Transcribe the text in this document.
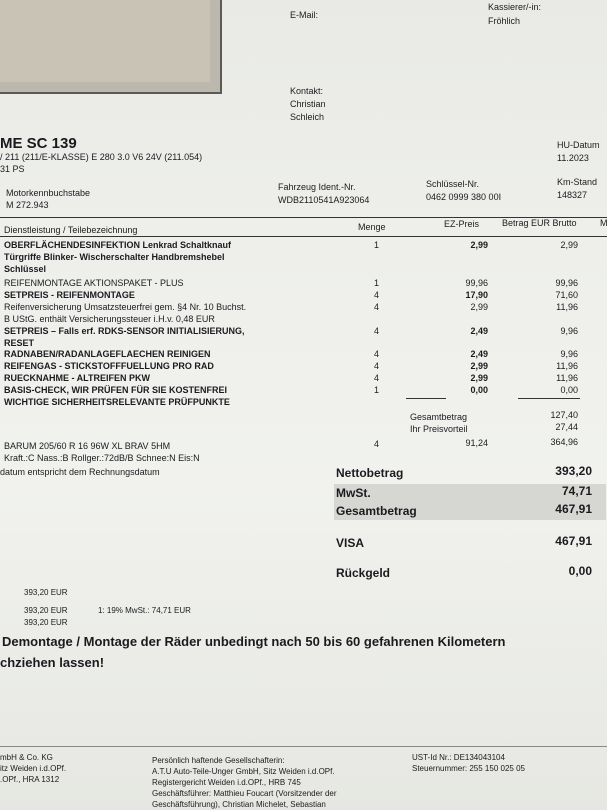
E-Mail:
Kassierer/-in:
Fröhlich
Kontakt:
Christian
Schleich
ME SC 139
/ 211 (211/E-KLASSE) E 280 3.0 V6 24V (211.054)
31 PS
HU-Datum
11.2023
Motorkennbuchstabe
M 272.943
Fahrzeug Ident.-Nr.
WDB2110541A923064
Schlüssel-Nr.
0462 0999 380 00I
Km-Stand
148327
Dienstleistung / Teilebezeichnung	Menge	EZ-Preis	Betrag EUR Brutto	M
OBERFLÄCHENDESINFEKTION Lenkrad Schaltknauf	1	2,99	2,99
Türgriffe Blinker- Wischerschalter Handbremshebel
Schlüssel
REIFENMONTAGE AKTIONSPAKET - PLUS	1	99,96	99,96
SETPREIS - REIFENMONTAGE	4	17,90	71,60
Reifenversicherung Umsatzsteuerfrei gem. §4 Nr. 10 Buchst.	4	2,99	11,96
B UStG. enthält Versicherungssteuer i.H.v. 0,48 EUR
SETPREIS – Falls erf. RDKS-SENSOR INITIALISIERUNG,	4	2,49	9,96
RESET
RADNABEN/RADANLAGEFLAECHEN REINIGEN	4	2,49	9,96
REIFENGAS - STICKSTOFFFUELLUNG PRO RAD	4	2,99	11,96
RUECKNAHME - ALTREIFEN PKW	4	2,99	11,96
BASIS-CHECK, WIR PRÜFEN FÜR SIE KOSTENFREI	1	0,00	0,00
WICHTIGE SICHERHEITSRELEVANTE PRÜFPUNKTE
Gesamtbetrag	127,40
Ihr Preisvorteil	27,44
BARUM 205/60 R 16 96W XL BRAV 5HM	4	91,24	364,96
Kraft.:C Nass.:B Rollger.:72dB/B Schnee:N Eis:N
datum entspricht dem Rechnungsdatum	Nettobetrag	393,20
MwSt.	74,71
Gesamtbetrag	467,91
VISA	467,91
Rückgeld	0,00
393,20 EUR
393,20 EUR	1: 19% MwSt.: 74,71 EUR
393,20 EUR
Demontage / Montage der Räder unbedingt nach 50 bis 60 gefahrenen Kilometern
chziehen lassen!
mbH & Co. KG
itz Weiden i.d.OPf.
.OPf., HRA 1312
Persönlich haftende Gesellschafterin:
A.T.U Auto-Teile-Unger GmbH, Sitz Weiden i.d.OPf.
Registergericht Weiden i.d.OPf., HRB 745
Geschäftsführer: Matthieu Foucart (Vorsitzender der
Geschäftsführung), Christian Michelet, Sebastian
UST-Id Nr.: DE134043104
Steuernummer: 255 150 025 05
